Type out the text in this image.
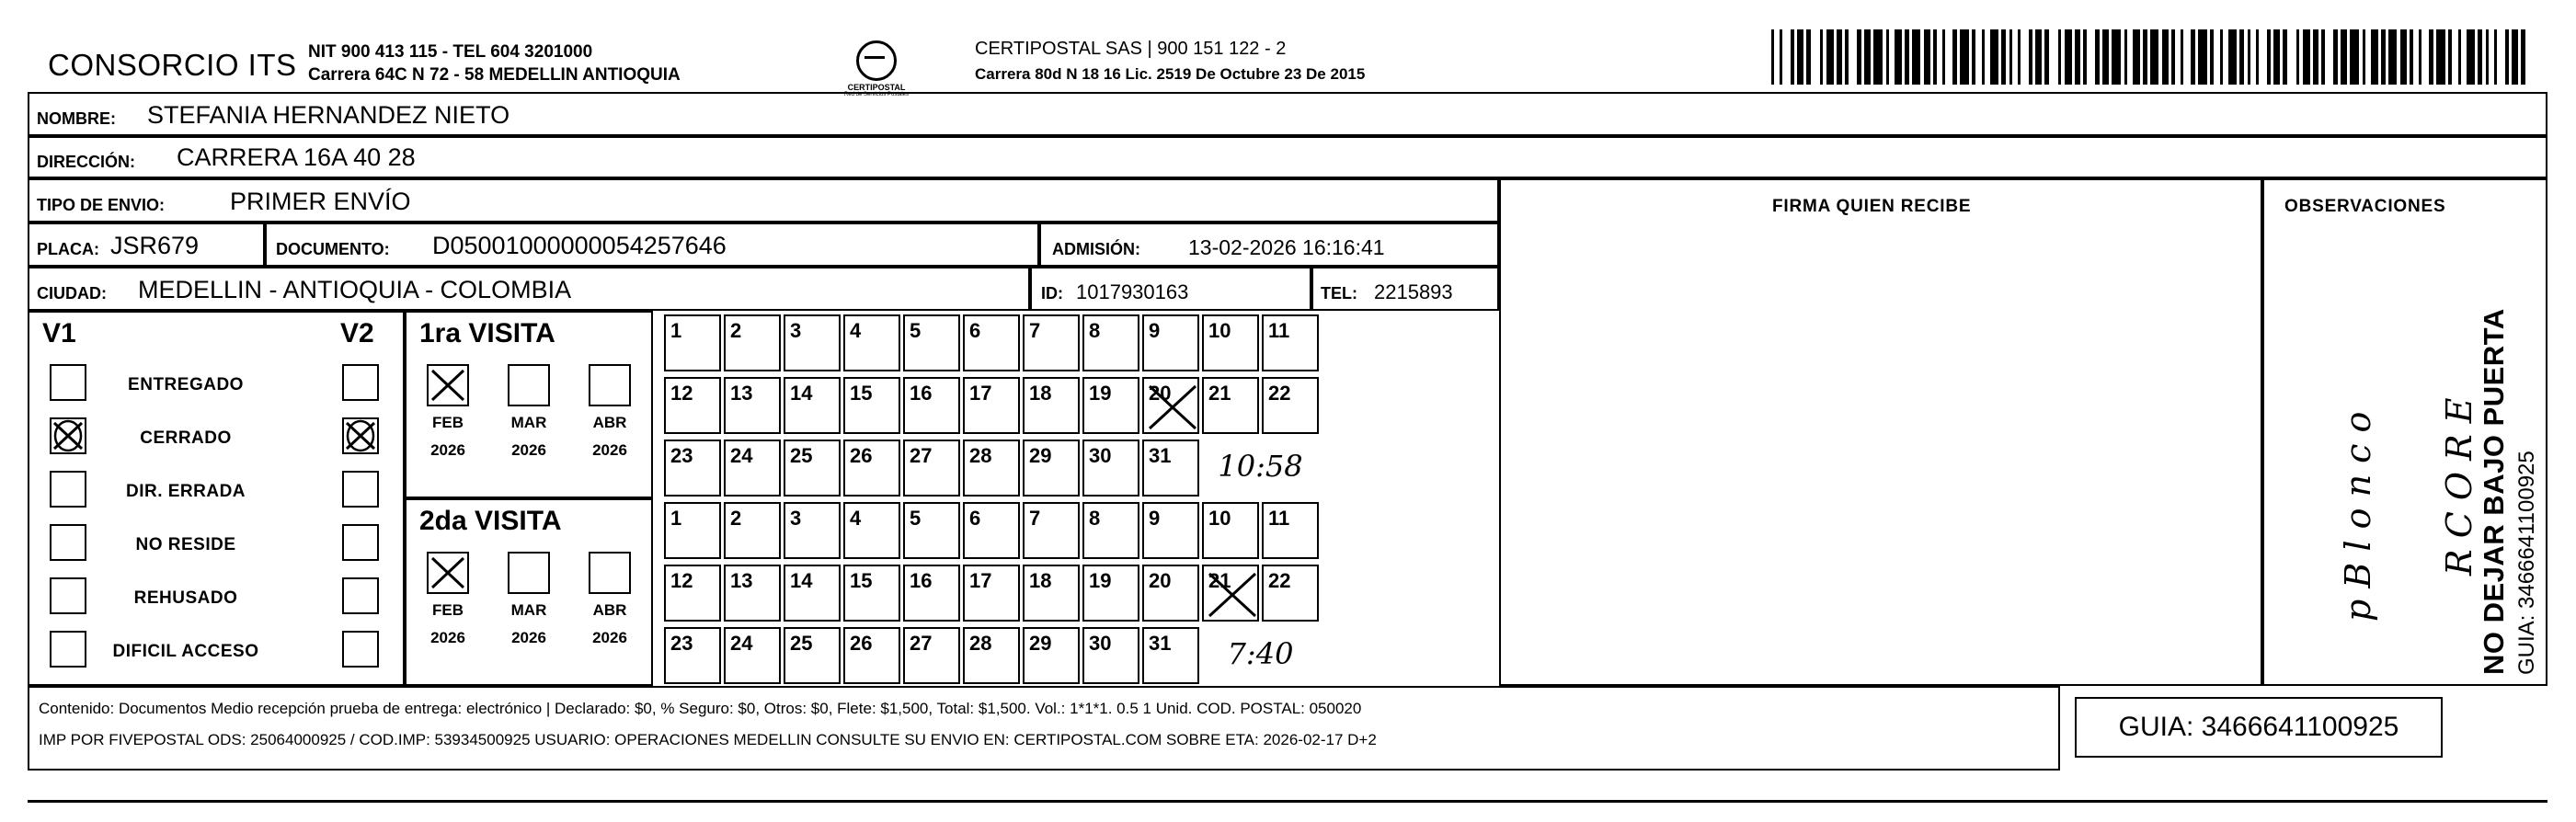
CONSORCIO ITS NIT 900 413 115 - TEL 604 3201000
Carrera 64C N 72 - 58 MEDELLIN ANTIOQUIA
CERTIPOSTAL
Red de Servicios Postales
CERTIPOSTAL SAS | 900 151 122 - 2
Carrera 80d N 18 16 Lic. 2519 De Octubre 23 De 2015
NOMBRE: STEFANIA HERNANDEZ NIETO
DIRECCIÓN: CARRERA 16A 40 28
TIPO DE ENVIO:	PRIMER ENVÍO
PLACA: JSR679	DOCUMENTO: D05001000000054257646	ADMISIÓN: 13-02-2026 16:16:41
CIUDAD: MEDELLIN - ANTIOQUIA - COLOMBIA	ID: 1017930163	TEL: 2215893
FIRMA QUIEN RECIBE	OBSERVACIONES
p B l o n c o R C O R E
V1	V2
ENTREGADO
CERRADO
DIR. ERRADA
NO RESIDE
REHUSADO
DIFICIL ACCESO
1ra VISITA
FEB
2026
MAR
2026
ABR
2026
2da VISITA
FEB
2026
MAR
2026
ABR
2026
1	2	3	4	5	6	7	8	9	10	11
12	13	14	15	16	17	18	19	20	21	22
23	24	25	26	27	28	29	30	31	10:58
1	2	3	4	5	6	7	8	9	10	11
12	13	14	15	16	17	18	19	20	21	22
23	24	25	26	27	28	29	30	31	7:40
Contenido: Documentos Medio recepción prueba de entrega: electrónico | Declarado: $0, % Seguro: $0, Otros: $0, Flete: $1,500, Total: $1,500. Vol.: 1*1*1. 0.5 1 Unid. COD. POSTAL: 050020
IMP POR FIVEPOSTAL ODS: 25064000925 / COD.IMP: 53934500925 USUARIO: OPERACIONES MEDELLIN CONSULTE SU ENVIO EN: CERTIPOSTAL.COM SOBRE ETA: 2026-02-17 D+2	GUIA: 3466641100925
NO DEJAR BAJO PUERTA GUIA: 3466641100925
